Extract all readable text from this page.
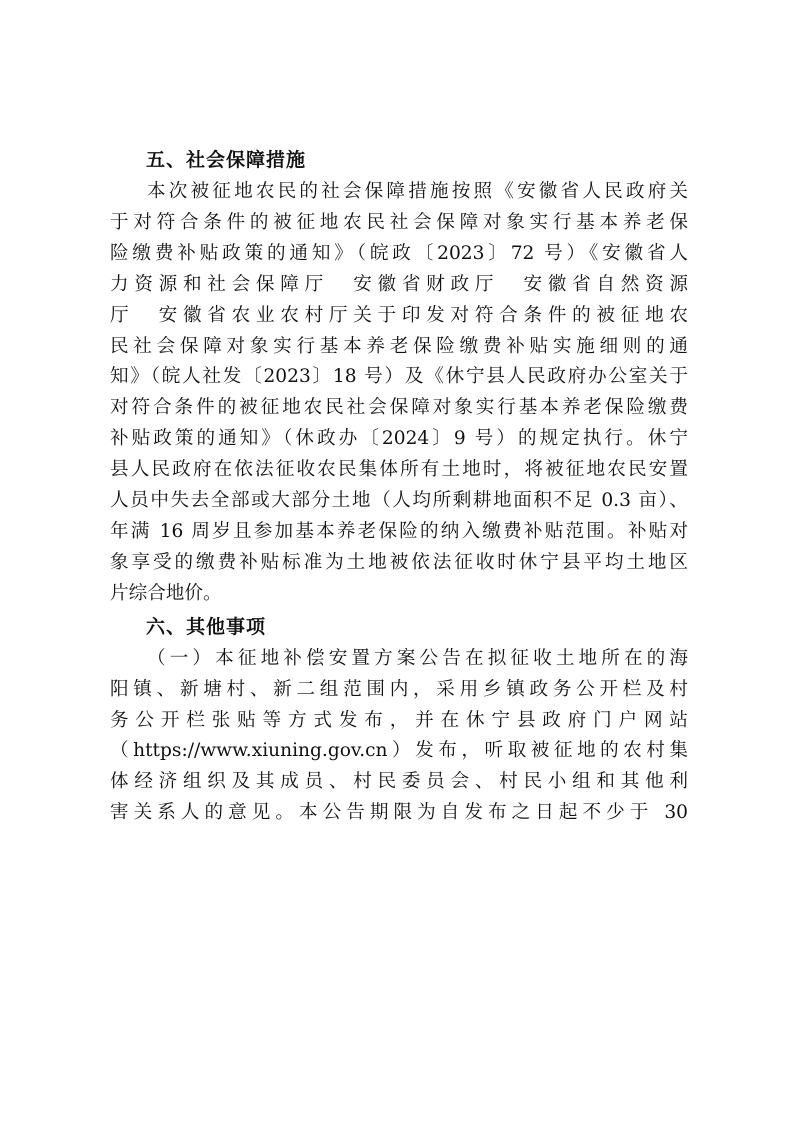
五、社会保障措施
本次被征地农民的社会保障措施按照《安徽省人民政府关
于对符合条件的被征地农民社会保障对象实行基本养老保
险缴费补贴政策的通知》（皖政〔2023〕72 号）《安徽省人
力资源和社会保障厅　安徽省财政厅　安徽省自然资源
厅　安徽省农业农村厅关于印发对符合条件的被征地农
民社会保障对象实行基本养老保险缴费补贴实施细则的通
知》（皖人社发〔2023〕18 号）及《休宁县人民政府办公室关于
对符合条件的被征地农民社会保障对象实行基本养老保险缴费
补贴政策的通知》（休政办〔2024〕9 号）的规定执行。休宁
县人民政府在依法征收农民集体所有土地时，将被征地农民安置
人员中失去全部或大部分土地（人均所剩耕地面积不足 0.3 亩）、
年满 16 周岁且参加基本养老保险的纳入缴费补贴范围。补贴对
象享受的缴费补贴标准为土地被依法征收时休宁县平均土地区
片综合地价。
六、其他事项
（一）本征地补偿安置方案公告在拟征收土地所在的海
阳镇、新塘村、新二组范围内，采用乡镇政务公开栏及村
务公开栏张贴等方式发布，并在休宁县政府门户网站
（https://www.xiuning.gov.cn）发布，听取被征地的农村集
体经济组织及其成员、村民委员会、村民小组和其他利
害关系人的意见。本公告期限为自发布之日起不少于 30
